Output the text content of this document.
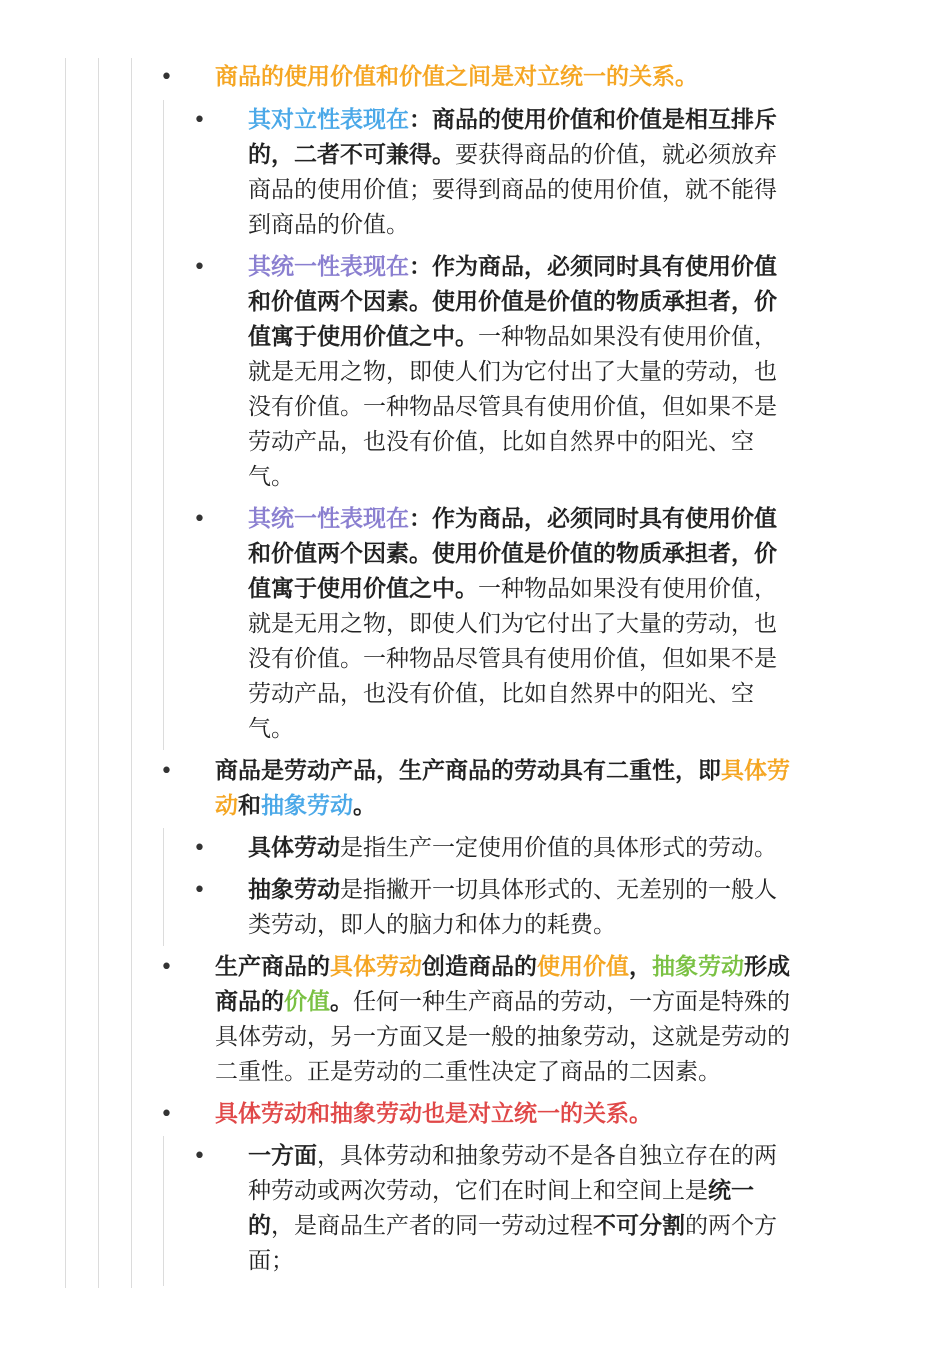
•
•
•
•
•
•
•
•
•
•
商品的使用价值和价值之间是对立统一的关系。
其对立性表现在：商品的使用价值和价值是相互排斥的，二者不可兼得。要获得商品的价值，就必须放弃商品的使用价值；要得到商品的使用价值，就不能得到商品的价值。
其统一性表现在：作为商品，必须同时具有使用价值和价值两个因素。使用价值是价值的物质承担者，价值寓于使用价值之中。一种物品如果没有使用价值，就是无用之物，即使人们为它付出了大量的劳动，也没有价值。一种物品尽管具有使用价值，但如果不是劳动产品，也没有价值，比如自然界中的阳光、空气。
其统一性表现在：作为商品，必须同时具有使用价值和价值两个因素。使用价值是价值的物质承担者，价值寓于使用价值之中。一种物品如果没有使用价值，就是无用之物，即使人们为它付出了大量的劳动，也没有价值。一种物品尽管具有使用价值，但如果不是劳动产品，也没有价值，比如自然界中的阳光、空气。
商品是劳动产品，生产商品的劳动具有二重性，即具体劳动和抽象劳动。
具体劳动是指生产一定使用价值的具体形式的劳动。
抽象劳动是指撇开一切具体形式的、无差别的一般人类劳动，即人的脑力和体力的耗费。
生产商品的具体劳动创造商品的使用价值，抽象劳动形成商品的价值。任何一种生产商品的劳动，一方面是特殊的具体劳动，另一方面又是一般的抽象劳动，这就是劳动的二重性。正是劳动的二重性决定了商品的二因素。
具体劳动和抽象劳动也是对立统一的关系。
一方面，具体劳动和抽象劳动不是各自独立存在的两种劳动或两次劳动，它们在时间上和空间上是统一的，是商品生产者的同一劳动过程不可分割的两个方面；
